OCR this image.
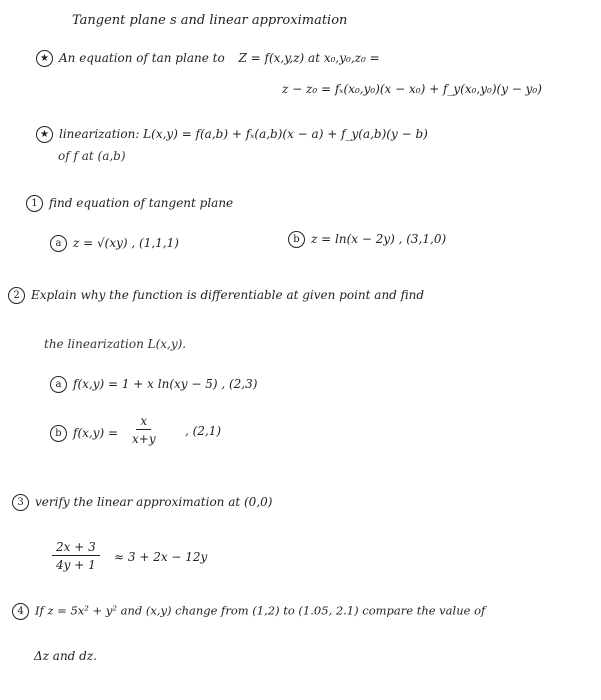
Tangent plane s and linear approximation
★ An equation of tan plane to Z = f(x,y,z) at x₀,y₀,z₀ =
z − z₀ = fₓ(x₀,y₀)(x − x₀) + f_y(x₀,y₀)(y − y₀)
★ linearization: L(x,y) = f(a,b) + fₓ(a,b)(x − a) + f_y(a,b)(y − b)
of f at (a,b)
1 find equation of tangent plane
a z = √(xy) , (1,1,1)	b z = ln(x − 2y) , (3,1,0)
2 Explain why the function is differentiable at given point and find
the linearization L(x,y).
a f(x,y) = 1 + x ln(xy − 5) , (2,3)
b $f(x,y) = \frac{x}{x+y}$ , (2,1)
3 verify the linear approximation at (0,0)
$\frac{2x + 3}{4y + 1} \approx 3 + 2x - 12y$
4 If z = 5x² + y² and (x,y) change from (1,2) to (1.05, 2.1) compare the value of
Δz and dz.
